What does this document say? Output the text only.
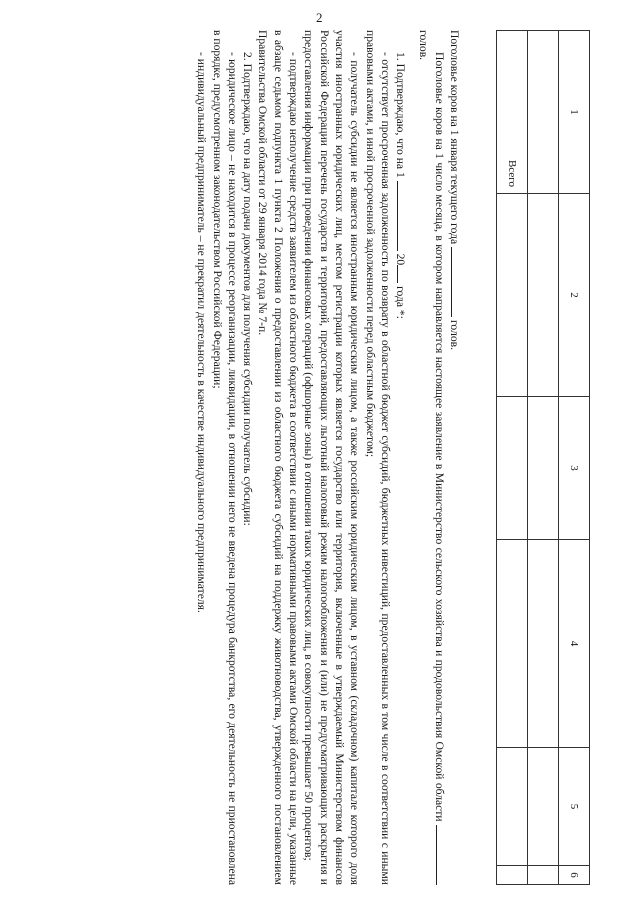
2
1	2	3	4	5	6

Всего					

Поголовье коров на 1 января текущего года  голов.

Поголовье коров на 1 число месяца, в котором направляется настоящее заявление в Министерство сельского хозяйства и продовольствия Омской области  голов.

1. Подтверждаю, что на 1  20 года *:

- отсутствует просроченная задолженность по возврату в областной бюджет субсидий, бюджетных инвестиций, предоставленных в том числе в соответствии с иными правовыми актами, и иной просроченной задолженности перед областным бюджетом;

- получатель субсидии не является иностранным юридическим лицом, а также российским юридическим лицом, в уставном (складочном) капитале которого доля участия иностранных юридических лиц, местом регистрации которых является государство или территория, включенные в утверждаемый Министерством финансов Российской Федерации перечень государств и территорий, предоставляющих льготный налоговый режим налогообложения и (или) не предусматривающих раскрытия и предоставления информации при проведении финансовых операций (офшорные зоны) в отношении таких юридических лиц, в совокупности превышает 50 процентов;

- подтверждаю неполучение средств заявителем из областного бюджета в соответствии с иными нормативными правовыми актами Омской области на цели, указанные в абзаце седьмом подпункта 1 пункта 2 Положения о предоставлении из областного бюджета субсидий на поддержку животноводства, утвержденного постановлением Правительства Омской области от 29 января 2014 года № 7-п.

2. Подтверждаю, что на дату подачи документов для получения субсидии получатель субсидии:

- юридическое лицо – не находится в процессе реорганизации, ликвидации, в отношении него не введена процедура банкротства, его деятельность не приостановлена в порядке, предусмотренном законодательством Российской Федерации;

- индивидуальный предприниматель – не прекратил деятельность в качестве индивидуального предпринимателя.
